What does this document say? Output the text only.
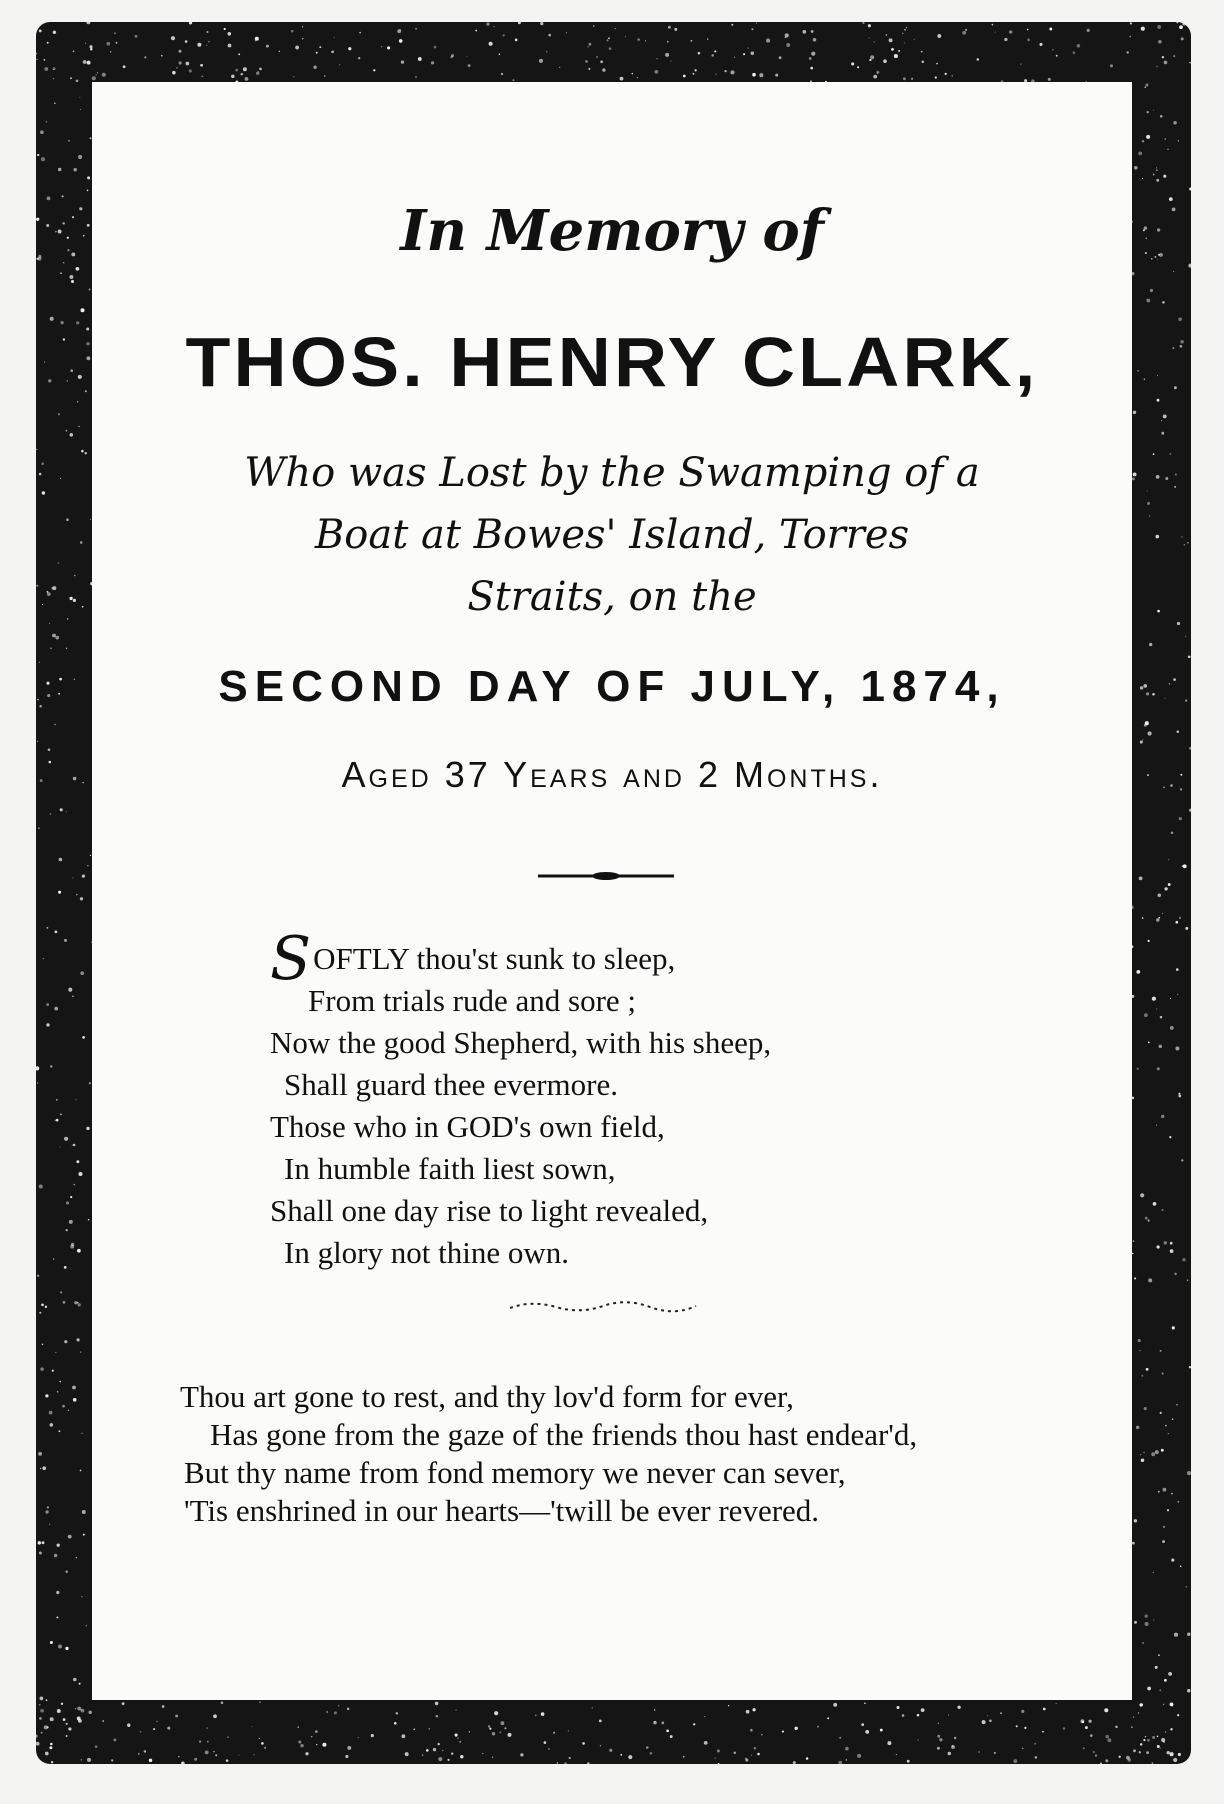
In Memory of
THOS. HENRY CLARK,
Who was Lost by the Swamping of a
Boat at Bowes' Island, Torres
Straits, on the
SECOND DAY OF JULY, 1874,
Aged 37 Years and 2 Months.
SOFTLY thou'st sunk to sleep,
From trials rude and sore ;
Now the good Shepherd, with his sheep,
Shall guard thee evermore.
Those who in GOD's own field,
In humble faith liest sown,
Shall one day rise to light revealed,
In glory not thine own.
Thou art gone to rest, and thy lov'd form for ever,
Has gone from the gaze of the friends thou hast endear'd,
But thy name from fond memory we never can sever,
'Tis enshrined in our hearts—'twill be ever revered.
